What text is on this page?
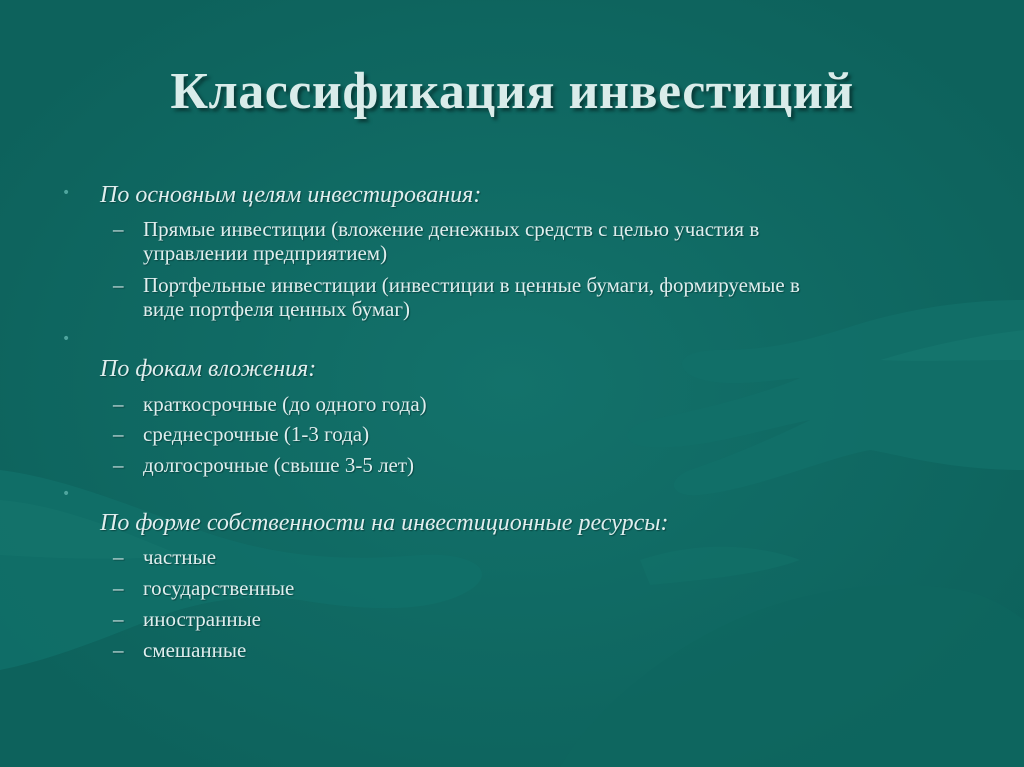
Классификация инвестиций
• По основным целям инвестирования:
– Прямые инвестиции (вложение денежных средств с целью участия в
управлении предприятием)
– Портфельные инвестиции (инвестиции в ценные бумаги, формируемые в
виде портфеля ценных бумаг)
•
По фокам вложения:
– краткосрочные (до одного года)
– среднесрочные (1-3 года)
– долгосрочные (свыше 3-5 лет)
•
По форме собственности на инвестиционные ресурсы:
– частные
– государственные
– иностранные
– смешанные
